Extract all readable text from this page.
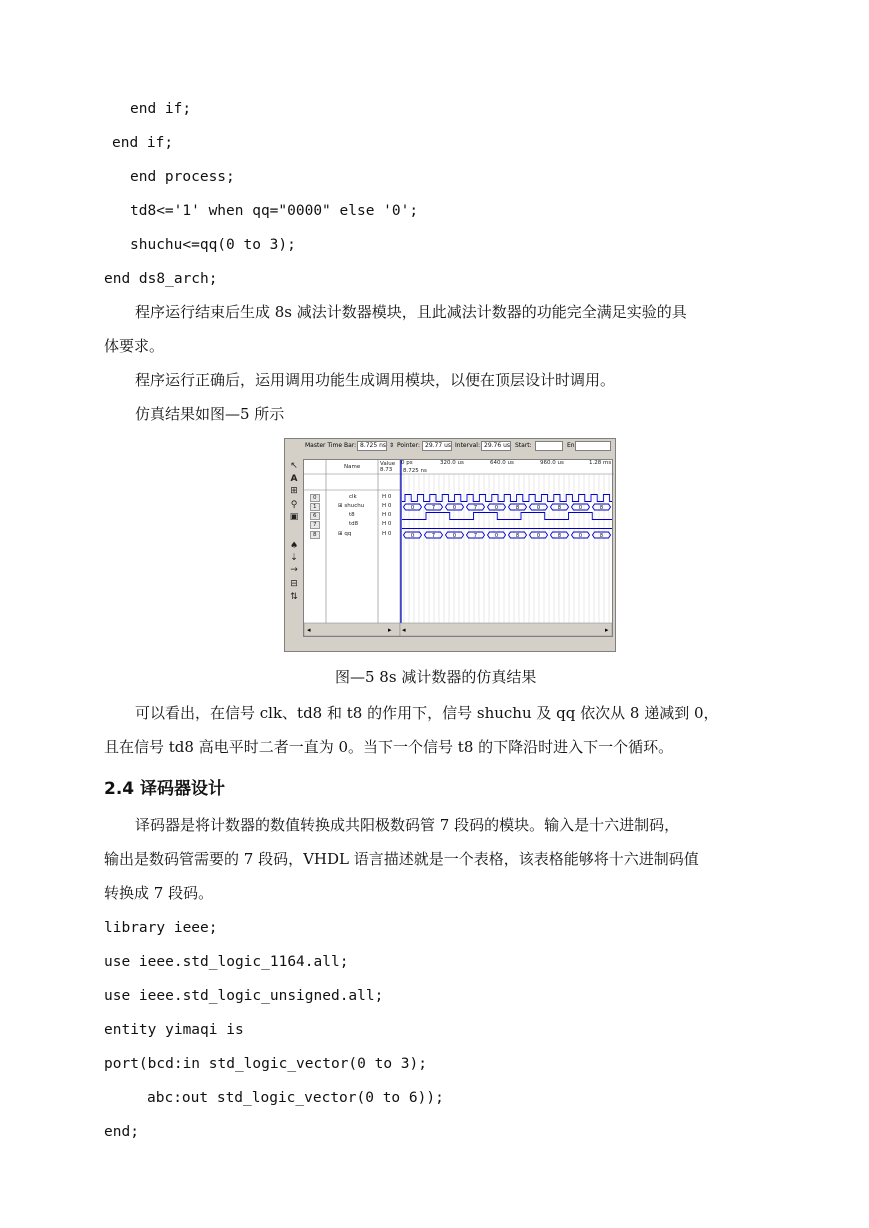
end if;
end if;
end process;
td8<='1' when qq="0000" else '0';
shuchu<=qq(0 to 3);
end ds8_arch;
程序运行结束后生成 8s 减法计数器模块，且此减法计数器的功能完全满足实验的具
体要求。
程序运行正确后，运用调用功能生成调用模块，以便在顶层设计时调用。
仿真结果如图—5 所示
Master Time Bar: 8.725 ns ⇕ Pointer: 29.77 us Interval: 29.76 us Start:	En
↖
A
⊞
⚲
▣
♠
⇣
→
⊟
⇅
0	7	0	7	0	8	0	8	0	8
0	7	0	7	0	8	0	8	0	8
◂	▸ ◂	▸
Name	Value
8.73
0 ps	320.0 us	640.0 us	960.0 us	1.28 ms
8.725 ns
0	clk	H 0
1	⊞ shuchu	H 0
6	t8	H 0
7	td8	H 0
8	⊞ qq	H 0
图—5 8s 减计数器的仿真结果
可以看出，在信号 clk、td8 和 t8 的作用下，信号 shuchu 及 qq 依次从 8 递减到 0，
且在信号 td8 高电平时二者一直为 0。当下一个信号 t8 的下降沿时进入下一个循环。
2.4 译码器设计
译码器是将计数器的数值转换成共阳极数码管 7 段码的模块。输入是十六进制码，
输出是数码管需要的 7 段码，VHDL 语言描述就是一个表格，该表格能够将十六进制码值
转换成 7 段码。
library ieee;
use ieee.std_logic_1164.all;
use ieee.std_logic_unsigned.all;
entity yimaqi is
port(bcd:in std_logic_vector(0 to 3);
abc:out std_logic_vector(0 to 6));
end;
